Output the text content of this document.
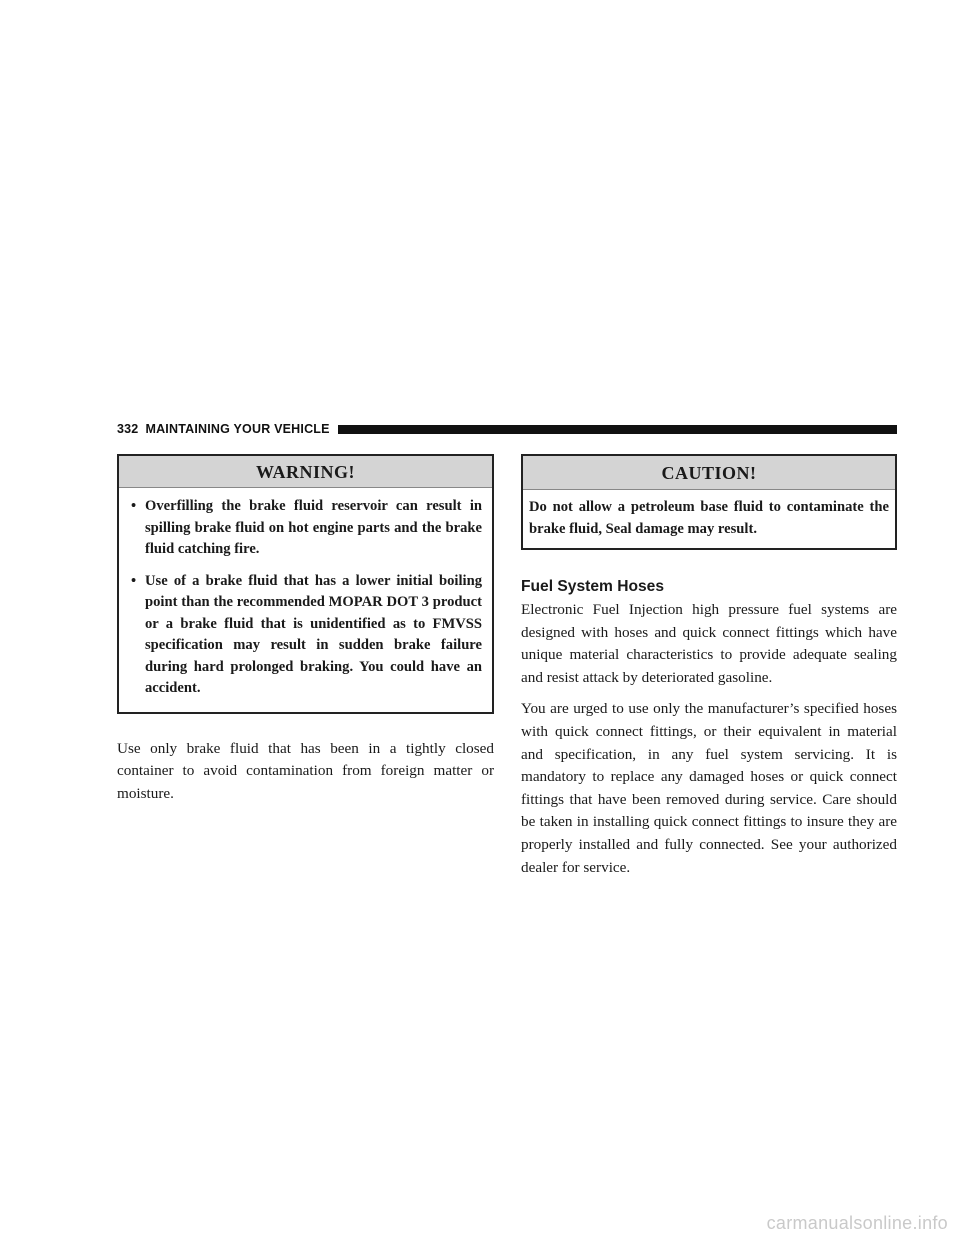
332 MAINTAINING YOUR VEHICLE
WARNING!
• Overfilling the brake fluid reservoir can result in spilling brake fluid on hot engine parts and the brake fluid catching fire.
• Use of a brake fluid that has a lower initial boiling point than the recommended MOPAR DOT 3 product or a brake fluid that is unidentified as to FMVSS specification may result in sudden brake failure during hard prolonged braking. You could have an accident.

Use only brake fluid that has been in a tightly closed container to avoid contamination from foreign matter or moisture.

CAUTION!
Do not allow a petroleum base fluid to contaminate the brake fluid, Seal damage may result.
Fuel System Hoses

Electronic Fuel Injection high pressure fuel systems are designed with hoses and quick connect fittings which have unique material characteristics to provide adequate sealing and resist attack by deteriorated gasoline.

You are urged to use only the manufacturer’s specified hoses with quick connect fittings, or their equivalent in material and specification, in any fuel system servicing. It is mandatory to replace any damaged hoses or quick connect fittings that have been removed during service. Care should be taken in installing quick connect fittings to insure they are properly installed and fully connected. See your authorized dealer for service.

carmanualsonline.info
